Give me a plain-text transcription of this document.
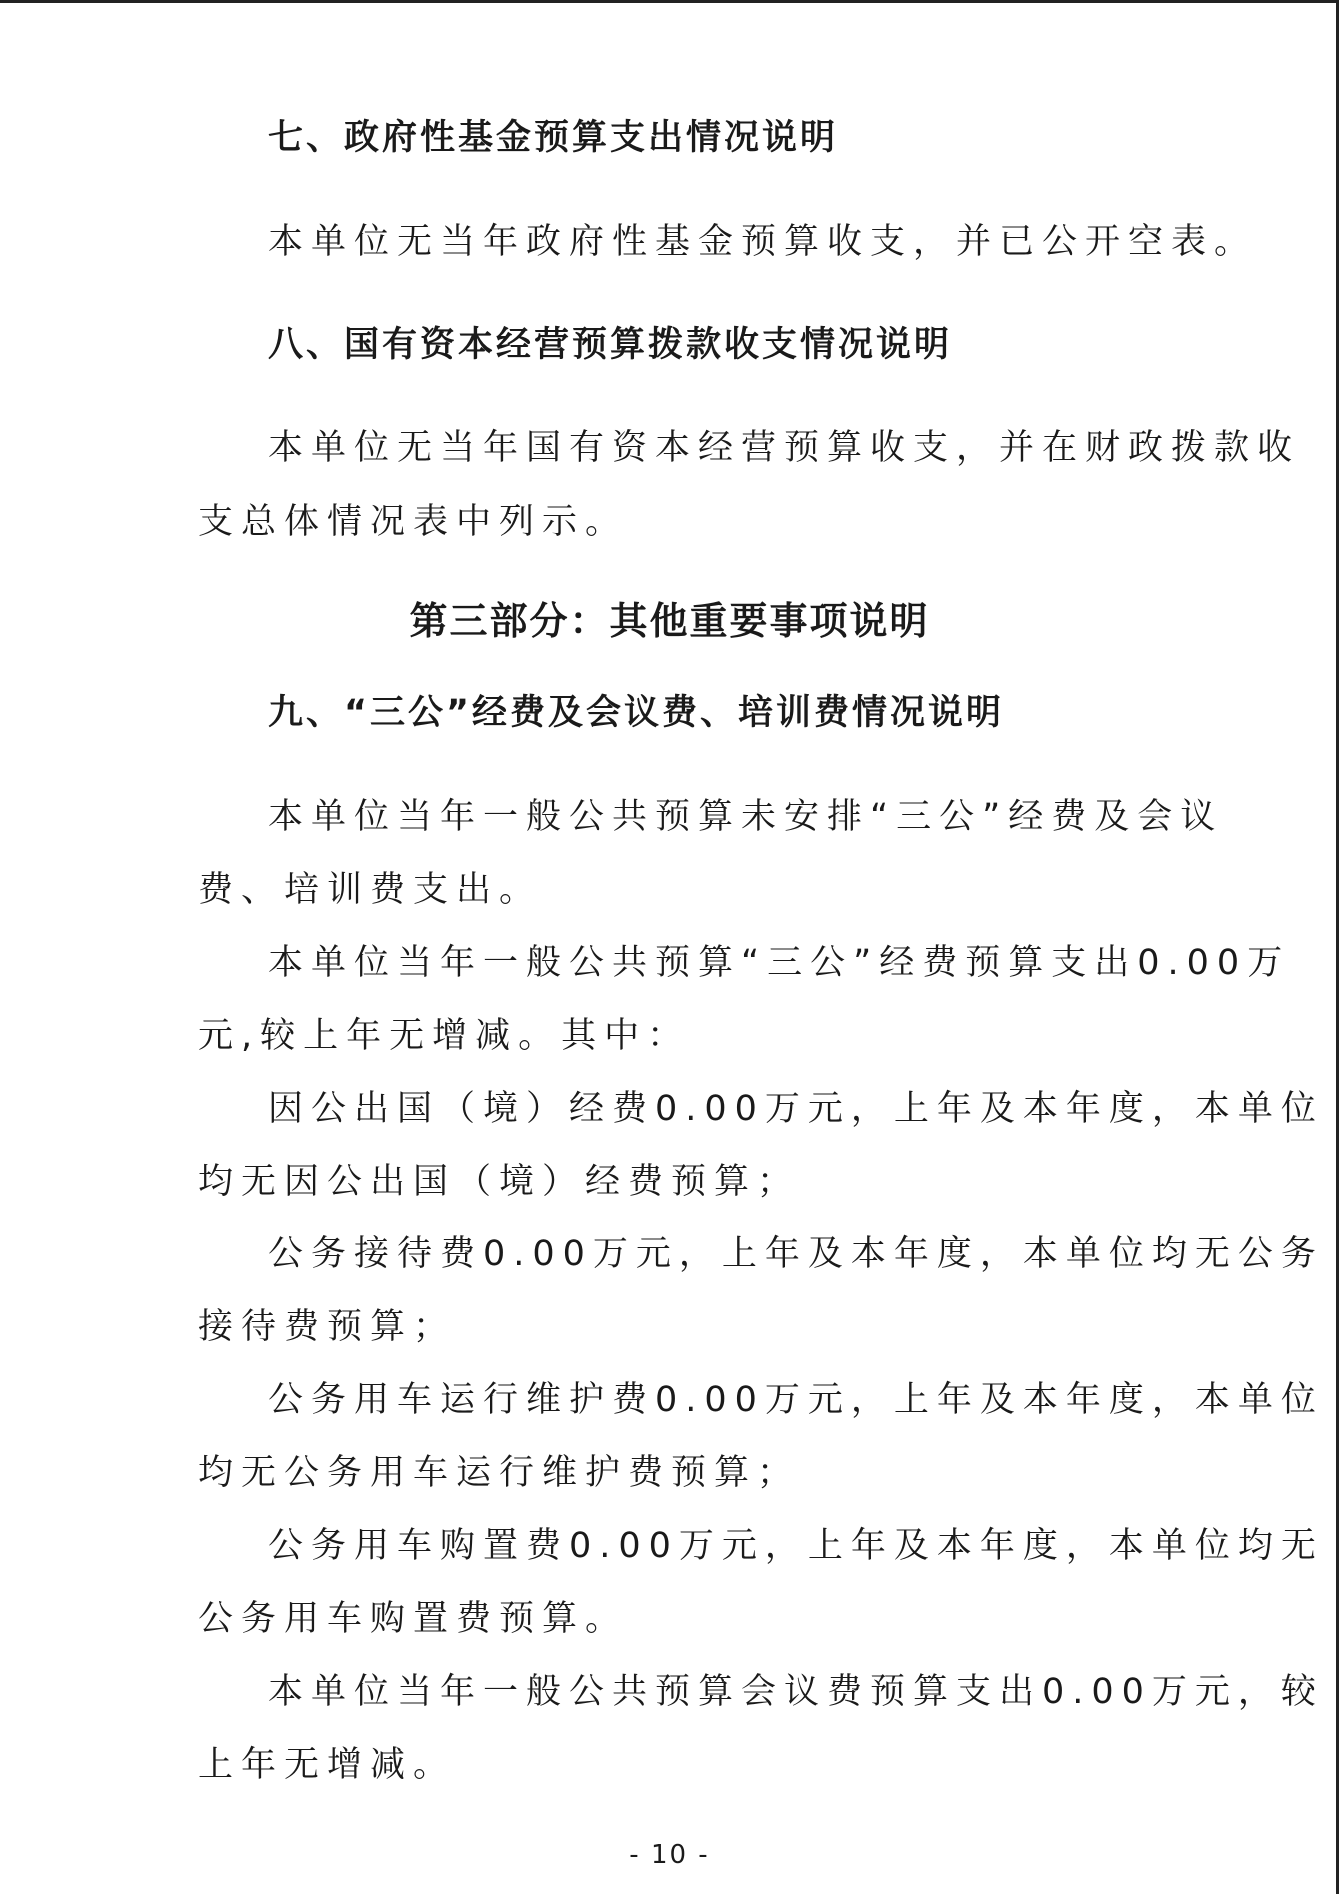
七、政府性基金预算支出情况说明
本单位无当年政府性基金预算收支，并已公开空表。
八、国有资本经营预算拨款收支情况说明
本单位无当年国有资本经营预算收支，并在财政拨款收
支总体情况表中列示。
第三部分：其他重要事项说明
九、“三公”经费及会议费、培训费情况说明
本单位当年一般公共预算未安排“三公”经费及会议
费、培训费支出。
本单位当年一般公共预算“三公”经费预算支出0.00万
元,较上年无增减。其中：
因公出国（境）经费0.00万元，上年及本年度，本单位
均无因公出国（境）经费预算；
公务接待费0.00万元，上年及本年度，本单位均无公务
接待费预算；
公务用车运行维护费0.00万元，上年及本年度，本单位
均无公务用车运行维护费预算；
公务用车购置费0.00万元，上年及本年度，本单位均无
公务用车购置费预算。
本单位当年一般公共预算会议费预算支出0.00万元，较
上年无增减。
- 10 -
